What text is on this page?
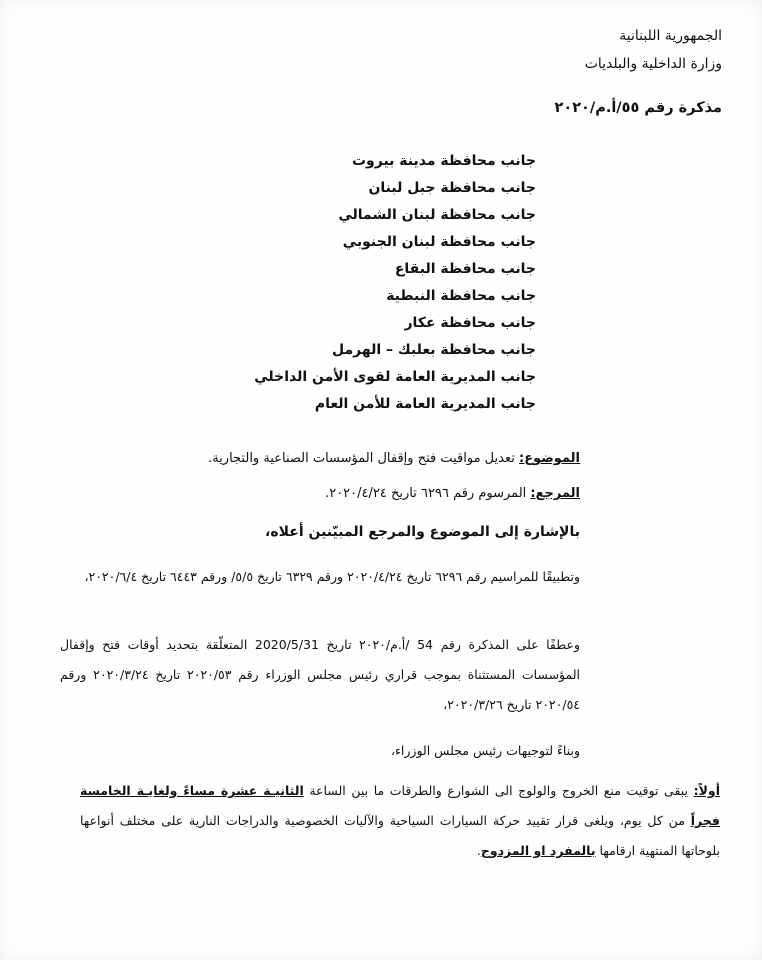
الجمهورية اللبنانية
وزارة الداخلية والبلديات
مذكرة رقم ٥٥/أ.م/٢٠٢٠
جانب محافظة مدينة بيروت
جانب محافظة جبل لبنان
جانب محافظة لبنان الشمالي
جانب محافظة لبنان الجنوبي
جانب محافظة البقاع
جانب محافظة النبطية
جانب محافظة عكار
جانب محافظة بعلبك – الهرمل
جانب المديرية العامة لقوى الأمن الداخلي
جانب المديرية العامة للأمن العام
الموضوع: تعديل مواقيت فتح وإقفال المؤسسات الصناعية والتجارية.
المرجع: المرسوم رقم ٦٢٩٦ تاريخ ٢٠٢٠/٤/٢٤.
بالإشارة إلى الموضوع والمرجع المبيّنين أعلاه،
وتطبيقًا للمراسيم رقم ٦٢٩٦ تاريخ ٢٠٢٠/٤/٢٤ ورقم ٦٣٢٩ تاريخ ٥/٥/ ورقم ٦٤٤٣ تاريخ ٢٠٢٠/٦/٤،
وعطفًا على المذكرة رقم 54 /أ.م/٢٠٢٠ تاريخ 2020/5/31 المتعلّقة بتحديد أوقات فتح وإقفال المؤسسات المستثناة بموجب قراري رئيس مجلس الوزراء رقم ٢٠٢٠/٥٣ تاريخ ٢٠٢٠/٣/٢٤ ورقم ٢٠٢٠/٥٤ تاريخ ٢٠٢٠/٣/٢٦،
وبناءً لتوجيهات رئيس مجلس الوزراء،
أولاً: يبقى توقيت منع الخروج والولوج الى الشوارع والطرقات ما بين الساعة الثانيـة عشرة مساءً ولغايـة الخامسة فجراً من كل يوم، ويلغى قرار تقييد حركة السيارات السياحية والآليات الخصوصية والدراجات النارية على مختلف أنواعها بلوحاتها المنتهية ارقامها بالمفرد او المزدوج.
